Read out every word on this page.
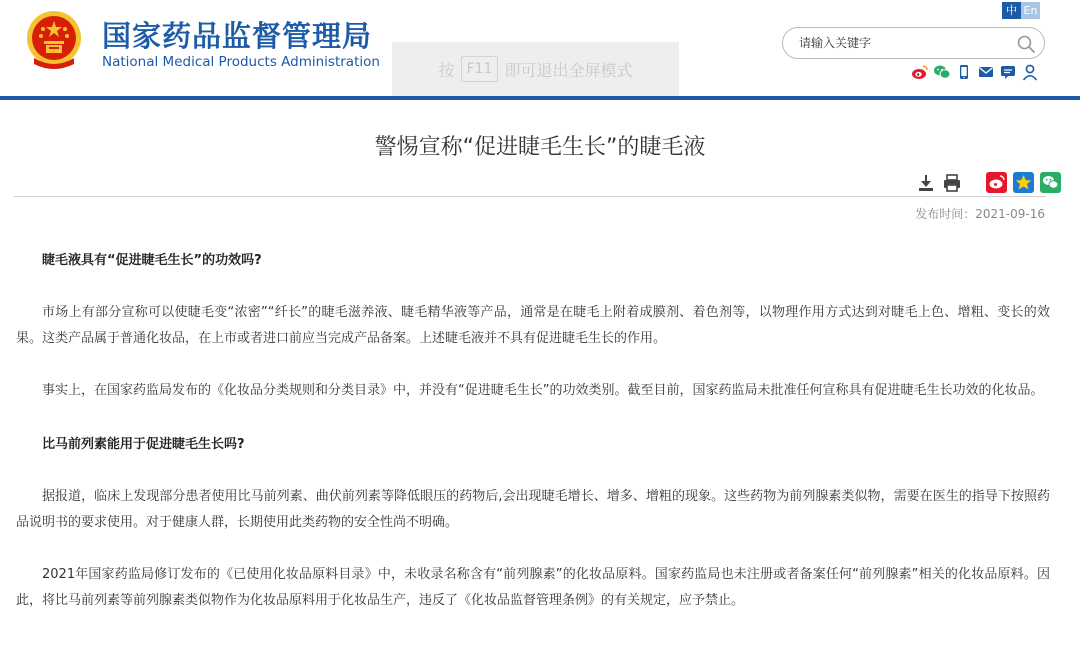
国家药品监督管理局
National Medical Products Administration	按 F11 即可退出全屏模式
中 En
请输入关键字
警惕宣称“促进睫毛生长”的睫毛液
发布时间：2021-09-16

睫毛液具有“促进睫毛生长”的功效吗?

市场上有部分宣称可以使睫毛变“浓密”“纤长”的睫毛滋养液、睫毛精华液等产品，通常是在睫毛上附着成膜剂、着色剂等，以物理作用方式达到对睫毛上色、增粗、变长的效果。这类产品属于普通化妆品，在上市或者进口前应当完成产品备案。上述睫毛液并不具有促进睫毛生长的作用。

事实上，在国家药监局发布的《化妆品分类规则和分类目录》中，并没有“促进睫毛生长”的功效类别。截至目前，国家药监局未批准任何宣称具有促进睫毛生长功效的化妆品。

比马前列素能用于促进睫毛生长吗?

据报道，临床上发现部分患者使用比马前列素、曲伏前列素等降低眼压的药物后,会出现睫毛增长、增多、增粗的现象。这些药物为前列腺素类似物，需要在医生的指导下按照药品说明书的要求使用。对于健康人群，长期使用此类药物的安全性尚不明确。

2021年国家药监局修订发布的《已使用化妆品原料目录》中，未收录名称含有“前列腺素”的化妆品原料。国家药监局也未注册或者备案任何“前列腺素”相关的化妆品原料。因此，将比马前列素等前列腺素类似物作为化妆品原料用于化妆品生产，违反了《化妆品监督管理条例》的有关规定，应予禁止。
